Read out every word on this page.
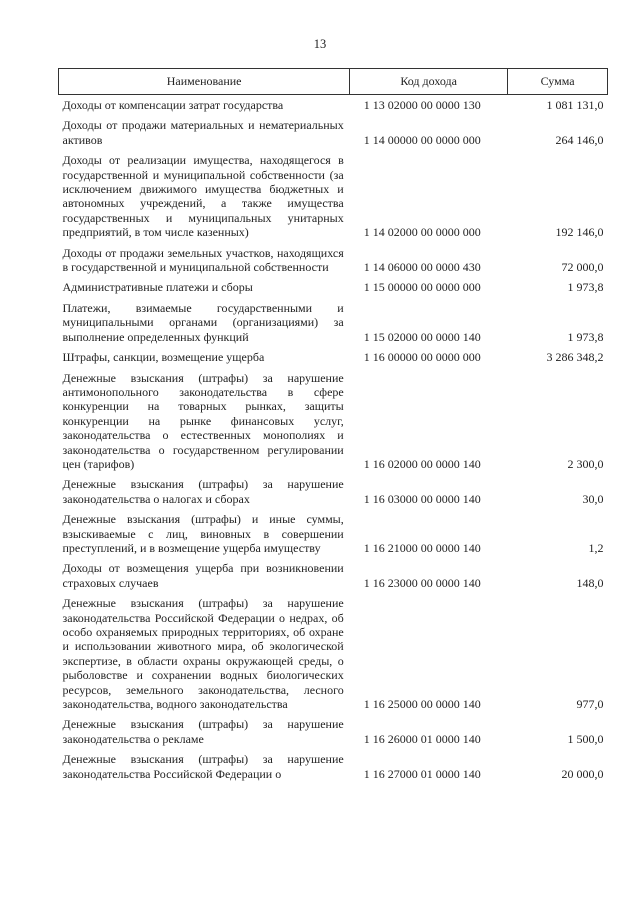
13
Наименование	Код дохода	Сумма
Доходы от компенсации затрат государства	1 13 02000 00 0000 130	1 081 131,0
Доходы от продажи материальных и нематериальных активов	1 14 00000 00 0000 000	264 146,0
Доходы от реализации имущества, находящегося в государственной и муниципальной собственности (за исключением движимого имущества бюджетных и автономных учреждений, а также имущества государственных и муниципальных унитарных предприятий, в том числе казенных)	1 14 02000 00 0000 000	192 146,0
Доходы от продажи земельных участков, находящихся в государственной и муниципальной собственности	1 14 06000 00 0000 430	72 000,0
Административные платежи и сборы	1 15 00000 00 0000 000	1 973,8
Платежи, взимаемые государственными и муниципальными органами (организациями) за выполнение определенных функций	1 15 02000 00 0000 140	1 973,8
Штрафы, санкции, возмещение ущерба	1 16 00000 00 0000 000	3 286 348,2
Денежные взыскания (штрафы) за нарушение антимонопольного законодательства в сфере конкуренции на товарных рынках, защиты конкуренции на рынке финансовых услуг, законодательства о естественных монополиях и законодательства о государственном регулировании цен (тарифов)	1 16 02000 00 0000 140	2 300,0
Денежные взыскания (штрафы) за нарушение законодательства о налогах и сборах	1 16 03000 00 0000 140	30,0
Денежные взыскания (штрафы) и иные суммы, взыскиваемые с лиц, виновных в совершении преступлений, и в возмещение ущерба имуществу	1 16 21000 00 0000 140	1,2
Доходы от возмещения ущерба при возникновении страховых случаев	1 16 23000 00 0000 140	148,0
Денежные взыскания (штрафы) за нарушение законодательства Российской Федерации о недрах, об особо охраняемых природных территориях, об охране и использовании животного мира, об экологической экспертизе, в области охраны окружающей среды, о рыболовстве и сохранении водных биологических ресурсов, земельного законодательства, лесного законодательства, водного законодательства	1 16 25000 00 0000 140	977,0
Денежные взыскания (штрафы) за нарушение законодательства о рекламе	1 16 26000 01 0000 140	1 500,0
Денежные взыскания (штрафы) за нарушение законодательства Российской Федерации о	1 16 27000 01 0000 140	20 000,0
